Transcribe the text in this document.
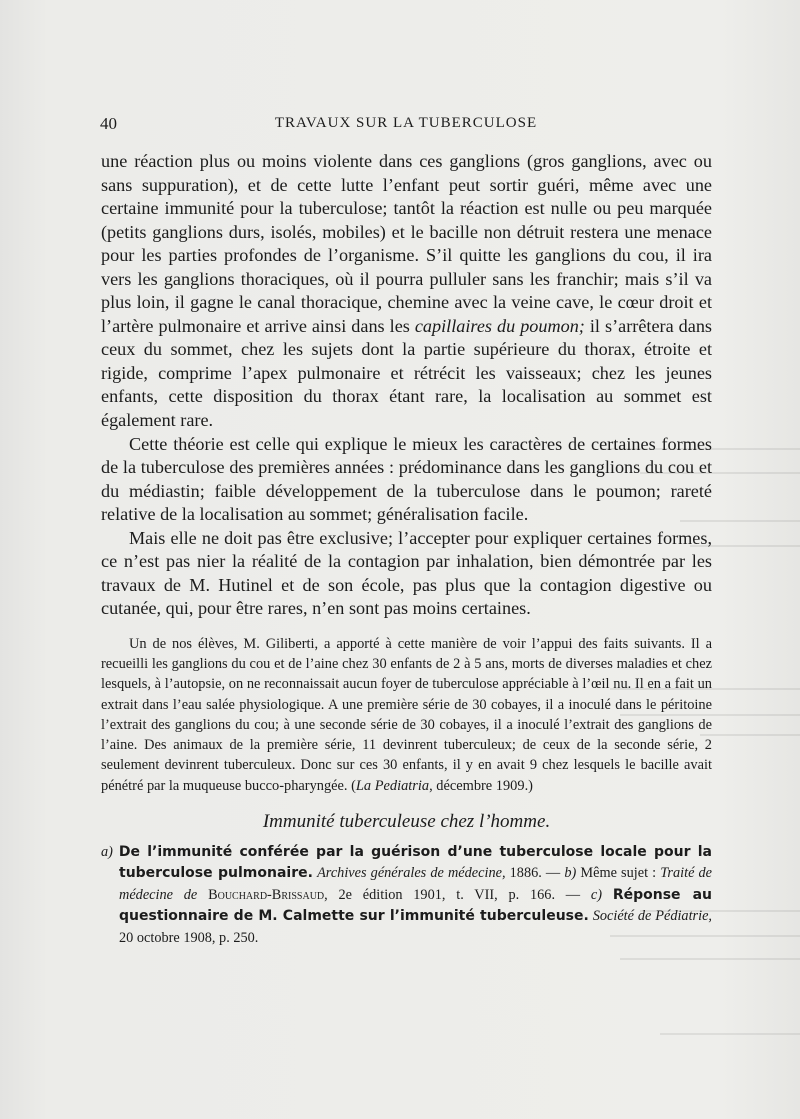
40	TRAVAUX SUR LA TUBERCULOSE

une réaction plus ou moins violente dans ces ganglions (gros ganglions, avec ou sans suppuration), et de cette lutte l’enfant peut sortir guéri, même avec une certaine immunité pour la tuberculose; tantôt la réaction est nulle ou peu marquée (petits ganglions durs, isolés, mobiles) et le bacille non détruit restera une menace pour les parties profondes de l’organisme. S’il quitte les ganglions du cou, il ira vers les ganglions thoraciques, où il pourra pulluler sans les franchir; mais s’il va plus loin, il gagne le canal thoracique, chemine avec la veine cave, le cœur droit et l’artère pulmonaire et arrive ainsi dans les capillaires du poumon; il s’arrêtera dans ceux du sommet, chez les sujets dont la partie supérieure du thorax, étroite et rigide, comprime l’apex pulmonaire et rétrécit les vaisseaux; chez les jeunes enfants, cette disposition du thorax étant rare, la localisation au sommet est également rare.

Cette théorie est celle qui explique le mieux les caractères de certaines formes de la tuberculose des premières années : prédominance dans les ganglions du cou et du médiastin; faible développement de la tuberculose dans le poumon; rareté relative de la localisation au sommet; généralisation facile.

Mais elle ne doit pas être exclusive; l’accepter pour expliquer certaines formes, ce n’est pas nier la réalité de la contagion par inhalation, bien démontrée par les travaux de M. Hutinel et de son école, pas plus que la contagion digestive ou cutanée, qui, pour être rares, n’en sont pas moins certaines.

Un de nos élèves, M. Giliberti, a apporté à cette manière de voir l’appui des faits suivants. Il a recueilli les ganglions du cou et de l’aine chez 30 enfants de 2 à 5 ans, morts de diverses maladies et chez lesquels, à l’autopsie, on ne reconnaissait aucun foyer de tuberculose appréciable à l’œil nu. Il en a fait un extrait dans l’eau salée physiologique. A une première série de 30 cobayes, il a inoculé dans le péritoine l’extrait des ganglions du cou; à une seconde série de 30 cobayes, il a inoculé l’extrait des ganglions de l’aine. Des animaux de la première série, 11 devinrent tuberculeux; de ceux de la seconde série, 2 seulement devinrent tuberculeux. Donc sur ces 30 enfants, il y en avait 9 chez lesquels le bacille avait pénétré par la muqueuse bucco-pharyngée. (La Pediatria, décembre 1909.)

Immunité tuberculeuse chez l’homme.

a) De l’immunité conférée par la guérison d’une tuberculose locale pour la tuberculose pulmonaire. Archives générales de médecine, 1886. — b) Même sujet : Traité de médecine de Bouchard-Brissaud, 2e édition 1901, t. VII, p. 166. — c) Réponse au questionnaire de M. Calmette sur l’immunité tuberculeuse. Société de Pédiatrie, 20 octobre 1908, p. 250.
